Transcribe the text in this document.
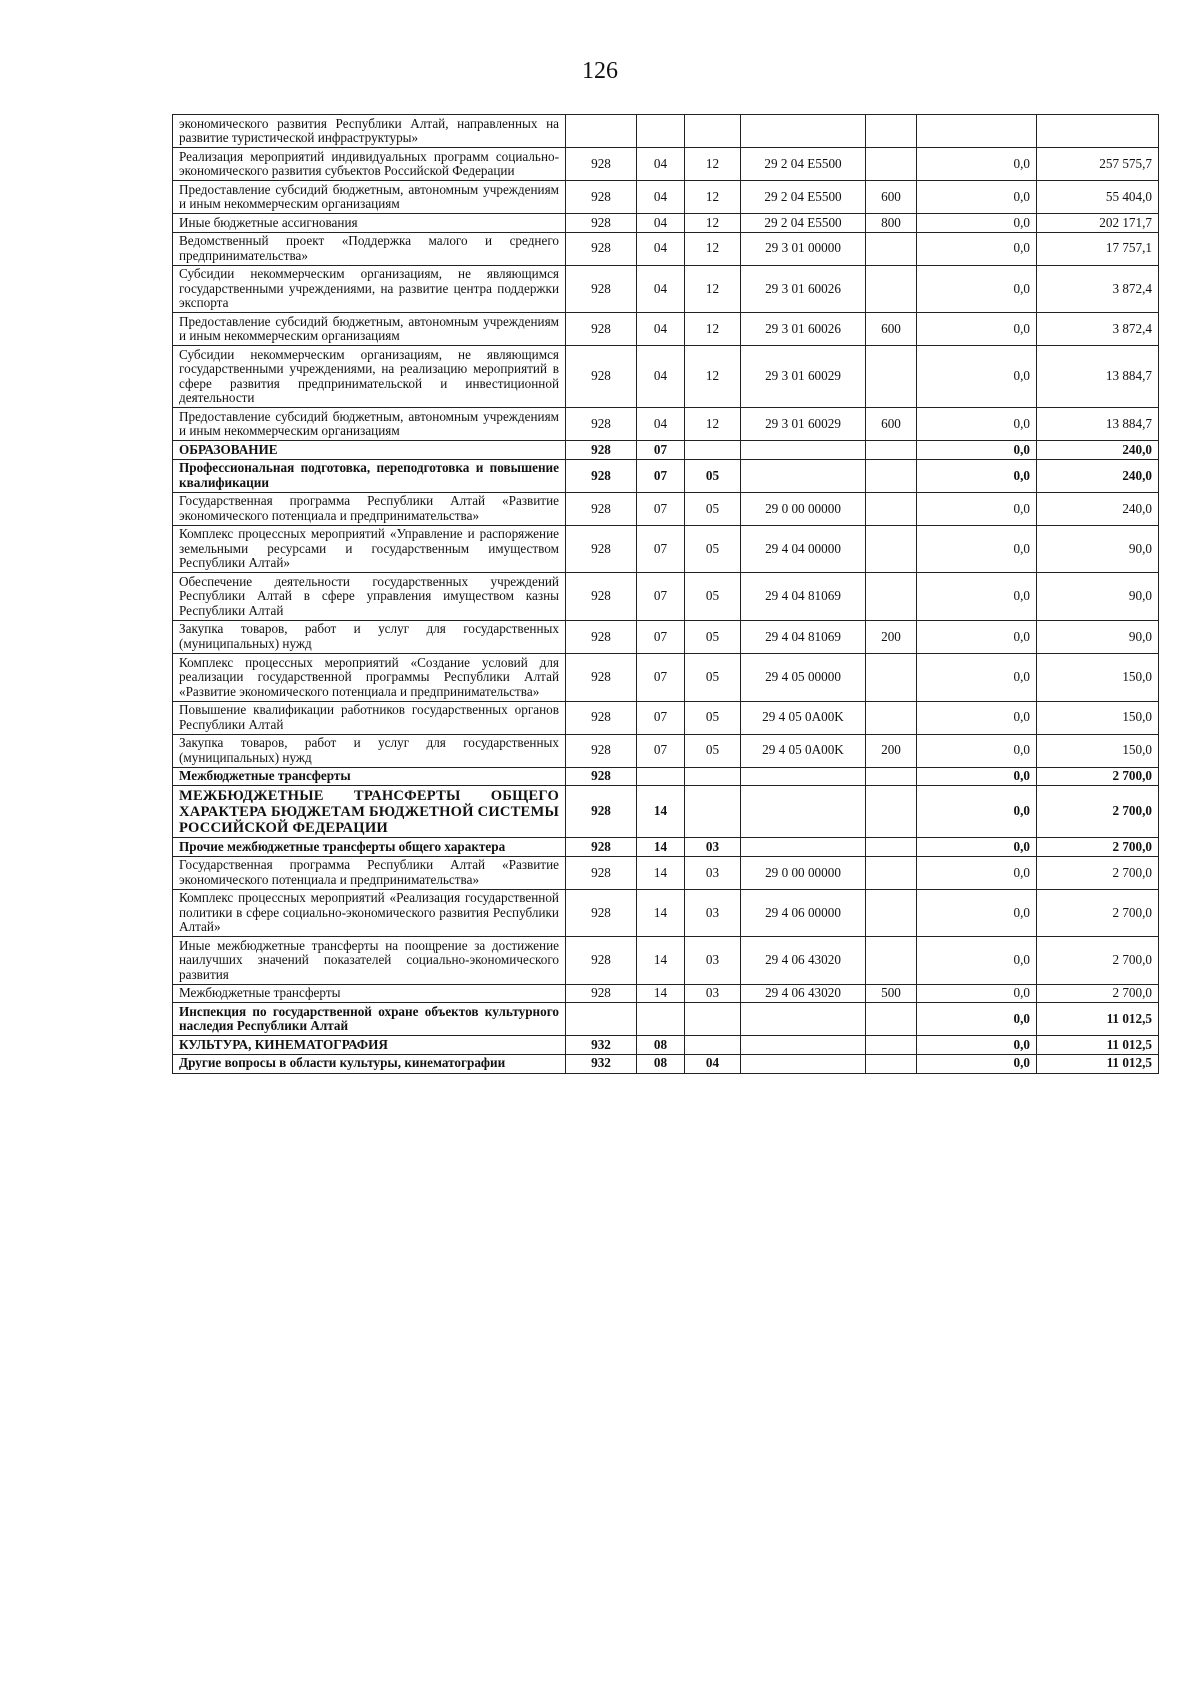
126
экономического развития Республики Алтай, направленных на развитие туристической инфраструктуры»							
Реализация мероприятий индивидуальных программ социально-экономического развития субъектов Российской Федерации	928	04	12	29 2 04 E5500		0,0	257 575,7
Предоставление субсидий бюджетным, автономным учреждениям и иным некоммерческим организациям	928	04	12	29 2 04 E5500	600	0,0	55 404,0
Иные бюджетные ассигнования	928	04	12	29 2 04 E5500	800	0,0	202 171,7
Ведомственный проект «Поддержка малого и среднего предпринимательства»	928	04	12	29 3 01 00000		0,0	17 757,1
Субсидии некоммерческим организациям, не являющимся государственными учреждениями, на развитие центра поддержки экспорта	928	04	12	29 3 01 60026		0,0	3 872,4
Предоставление субсидий бюджетным, автономным учреждениям и иным некоммерческим организациям	928	04	12	29 3 01 60026	600	0,0	3 872,4
Субсидии некоммерческим организациям, не являющимся государственными учреждениями, на реализацию мероприятий в сфере развития предпринимательской и инвестиционной деятельности	928	04	12	29 3 01 60029		0,0	13 884,7
Предоставление субсидий бюджетным, автономным учреждениям и иным некоммерческим организациям	928	04	12	29 3 01 60029	600	0,0	13 884,7
ОБРАЗОВАНИЕ	928	07				0,0	240,0
Профессиональная подготовка, переподготовка и повышение квалификации	928	07	05			0,0	240,0
Государственная программа Республики Алтай «Развитие экономического потенциала и предпринимательства»	928	07	05	29 0 00 00000		0,0	240,0
Комплекс процессных мероприятий «Управление и распоряжение земельными ресурсами и государственным имуществом Республики Алтай»	928	07	05	29 4 04 00000		0,0	90,0
Обеспечение деятельности государственных учреждений Республики Алтай в сфере управления имуществом казны Республики Алтай	928	07	05	29 4 04 81069		0,0	90,0
Закупка товаров, работ и услуг для государственных (муниципальных) нужд	928	07	05	29 4 04 81069	200	0,0	90,0
Комплекс процессных мероприятий «Создание условий для реализации государственной программы Республики Алтай «Развитие экономического потенциала и предпринимательства»	928	07	05	29 4 05 00000		0,0	150,0
Повышение квалификации работников государственных органов Республики Алтай	928	07	05	29 4 05 0A00K		0,0	150,0
Закупка товаров, работ и услуг для государственных (муниципальных) нужд	928	07	05	29 4 05 0A00K	200	0,0	150,0
Межбюджетные трансферты	928					0,0	2 700,0
МЕЖБЮДЖЕТНЫЕ ТРАНСФЕРТЫ ОБЩЕГО ХАРАКТЕРА БЮДЖЕТАМ БЮДЖЕТНОЙ СИСТЕМЫ РОССИЙСКОЙ ФЕДЕРАЦИИ	928	14				0,0	2 700,0
Прочие межбюджетные трансферты общего характера	928	14	03			0,0	2 700,0
Государственная программа Республики Алтай «Развитие экономического потенциала и предпринимательства»	928	14	03	29 0 00 00000		0,0	2 700,0
Комплекс процессных мероприятий «Реализация государственной политики в сфере социально-экономического развития Республики Алтай»	928	14	03	29 4 06 00000		0,0	2 700,0
Иные межбюджетные трансферты на поощрение за достижение наилучших значений показателей социально-экономического развития	928	14	03	29 4 06 43020		0,0	2 700,0
Межбюджетные трансферты	928	14	03	29 4 06 43020	500	0,0	2 700,0
Инспекция по государственной охране объектов культурного наследия Республики Алтай						0,0	11 012,5
КУЛЬТУРА, КИНЕМАТОГРАФИЯ	932	08				0,0	11 012,5
Другие вопросы в области культуры, кинематографии	932	08	04			0,0	11 012,5
